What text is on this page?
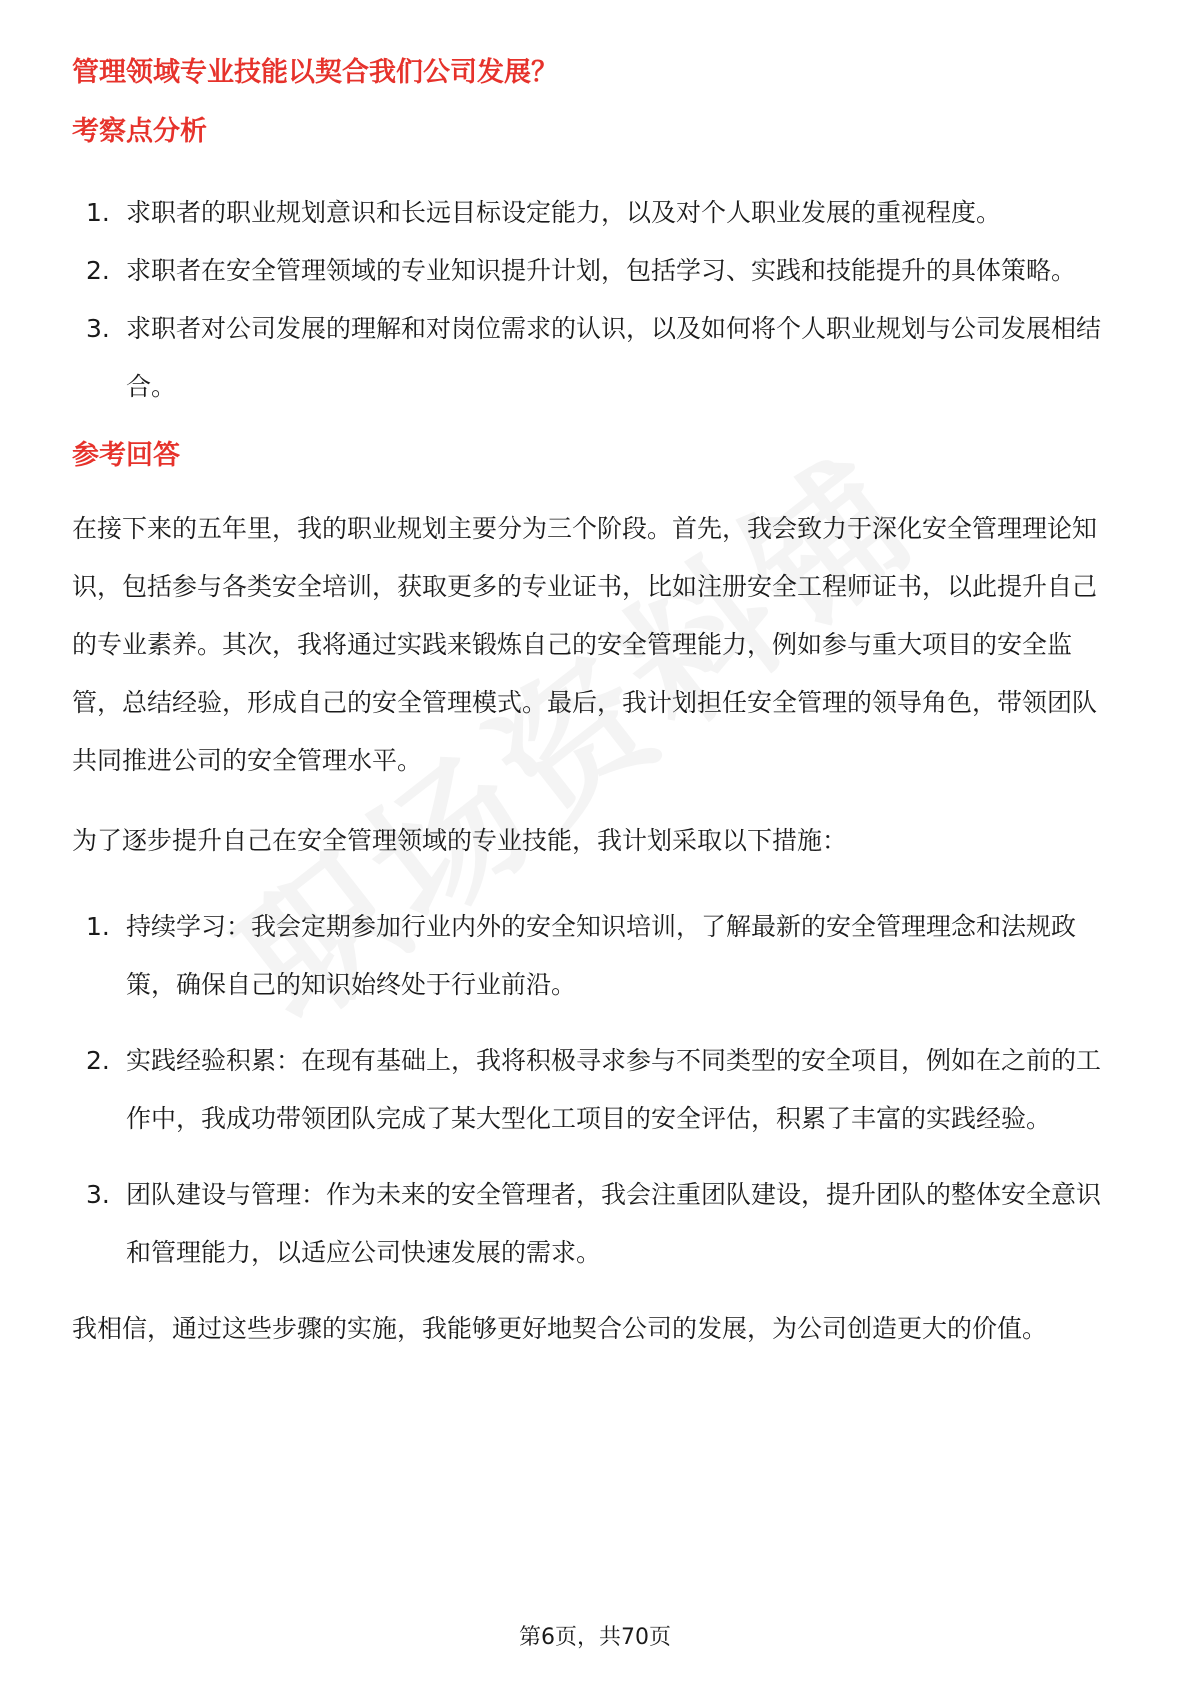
管理领域专业技能以契合我们公司发展？
考察点分析
1. 求职者的职业规划意识和长远目标设定能力，以及对个人职业发展的重视程度。
2. 求职者在安全管理领域的专业知识提升计划，包括学习、实践和技能提升的具体策略。
3. 求职者对公司发展的理解和对岗位需求的认识，以及如何将个人职业规划与公司发展相结合。
参考回答

在接下来的五年里，我的职业规划主要分为三个阶段。首先，我会致力于深化安全管理理论知识，包括参与各类安全培训，获取更多的专业证书，比如注册安全工程师证书，以此提升自己的专业素养。其次，我将通过实践来锻炼自己的安全管理能力，例如参与重大项目的安全监管，总结经验，形成自己的安全管理模式。最后，我计划担任安全管理的领导角色，带领团队共同推进公司的安全管理水平。

为了逐步提升自己在安全管理领域的专业技能，我计划采取以下措施：

1. 持续学习：我会定期参加行业内外的安全知识培训，了解最新的安全管理理念和法规政策，确保自己的知识始终处于行业前沿。
2. 实践经验积累：在现有基础上，我将积极寻求参与不同类型的安全项目，例如在之前的工作中，我成功带领团队完成了某大型化工项目的安全评估，积累了丰富的实践经验。
3. 团队建设与管理：作为未来的安全管理者，我会注重团队建设，提升团队的整体安全意识和管理能力，以适应公司快速发展的需求。

我相信，通过这些步骤的实施，我能够更好地契合公司的发展，为公司创造更大的价值。

第6页，共70页
